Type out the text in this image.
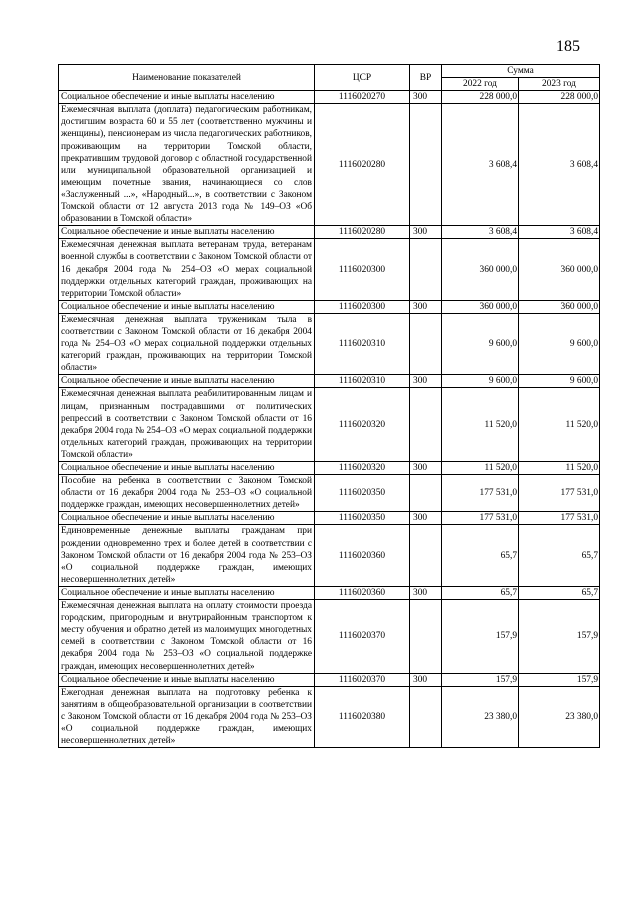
185
Наименование показателей	ЦСР	ВР	Сумма	
			2022 год	2023 год
Социальное обеспечение и иные выплаты населению	1116020270	300	228 000,0	228 000,0
Ежемесячная выплата (доплата) педагогическим работникам, достигшим возраста 60 и 55 лет (соответственно мужчины и женщины), пенсионерам из числа педагогических работников, проживающим на территории Томской области, прекратившим трудовой договор с областной государственной или муниципальной образовательной организацией и имеющим почетные звания, начинающиеся со слов «Заслуженный ...», «Народный...», в соответствии с Законом Томской области от 12 августа 2013 года № 149–ОЗ «Об образовании в Томской области»	1116020280		3 608,4	3 608,4
Социальное обеспечение и иные выплаты населению	1116020280	300	3 608,4	3 608,4
Ежемесячная денежная выплата ветеранам труда, ветеранам военной службы в соответствии с Законом Томской области от 16 декабря 2004 года № 254–ОЗ «О мерах социальной поддержки отдельных категорий граждан, проживающих на территории Томской области»	1116020300		360 000,0	360 000,0
Социальное обеспечение и иные выплаты населению	1116020300	300	360 000,0	360 000,0
Ежемесячная денежная выплата труженикам тыла в соответствии с Законом Томской области от 16 декабря 2004 года № 254–ОЗ «О мерах социальной поддержки отдельных категорий граждан, проживающих на территории Томской области»	1116020310		9 600,0	9 600,0
Социальное обеспечение и иные выплаты населению	1116020310	300	9 600,0	9 600,0
Ежемесячная денежная выплата реабилитированным лицам и лицам, признанным пострадавшими от политических репрессий в соответствии с Законом Томской области от 16 декабря 2004 года № 254–ОЗ «О мерах социальной поддержки отдельных категорий граждан, проживающих на территории Томской области»	1116020320		11 520,0	11 520,0
Социальное обеспечение и иные выплаты населению	1116020320	300	11 520,0	11 520,0
Пособие на ребенка в соответствии с Законом Томской области от 16 декабря 2004 года № 253–ОЗ «О социальной поддержке граждан, имеющих несовершеннолетних детей»	1116020350		177 531,0	177 531,0
Социальное обеспечение и иные выплаты населению	1116020350	300	177 531,0	177 531,0
Единовременные денежные выплаты гражданам при рождении одновременно трех и более детей в соответствии с Законом Томской области от 16 декабря 2004 года № 253–ОЗ «О социальной поддержке граждан, имеющих несовершеннолетних детей»	1116020360		65,7	65,7
Социальное обеспечение и иные выплаты населению	1116020360	300	65,7	65,7
Ежемесячная денежная выплата на оплату стоимости проезда городским, пригородным и внутрирайонным транспортом к месту обучения и обратно детей из малоимущих многодетных семей в соответствии с Законом Томской области от 16 декабря 2004 года № 253–ОЗ «О социальной поддержке граждан, имеющих несовершеннолетних детей»	1116020370		157,9	157,9
Социальное обеспечение и иные выплаты населению	1116020370	300	157,9	157,9
Ежегодная денежная выплата на подготовку ребенка к занятиям в общеобразовательной организации в соответствии с Законом Томской области от 16 декабря 2004 года № 253–ОЗ «О социальной поддержке граждан, имеющих несовершеннолетних детей»	1116020380		23 380,0	23 380,0
